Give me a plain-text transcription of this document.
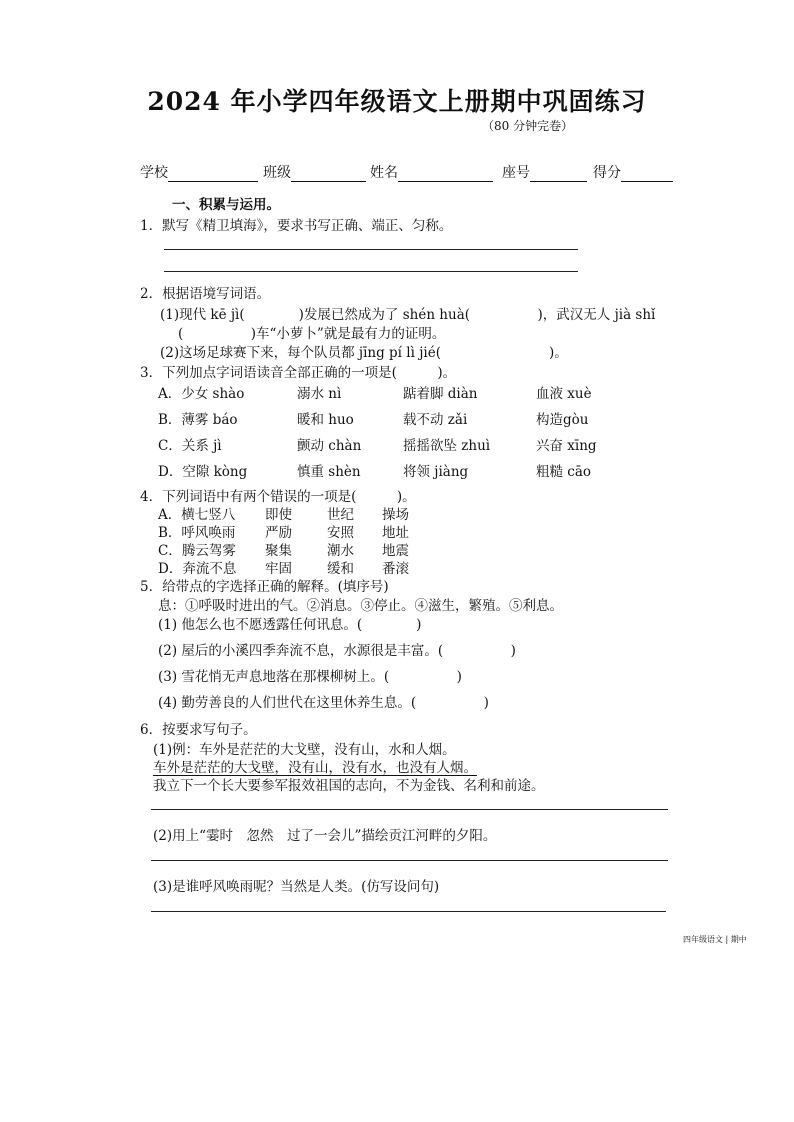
2024 年小学四年级语文上册期中巩固练习
（80 分钟完卷）
学校	班级	姓名	座号	得分
一、积累与运用。
1．默写《精卫填海》，要求书写正确、端正、匀称。
2．根据语境写词语。
(1)现代 kē jì(　　　　)发展已然成为了 shén huà(　　　　　)，武汉无人 jià shǐ
(　　　　　)车“小萝卜”就是最有力的证明。
(2)这场足球赛下来，每个队员都 jīng pí lì jié(　　　　　　　　)。
3．下列加点字词语读音全部正确的一项是(　　　)。
A．少女 shào	溺水 nì	踮着脚 diàn	血液 xuè
B．薄雾 báo	暖和 huo	载不动 zǎi	构造gòu
C．关系 jì	颤动 chàn	摇摇欲坠 zhuì	兴奋 xīng
D．空隙 kòng	慎重 shèn	将领 jiàng	粗糙 cāo
4．下列词语中有两个错误的一项是(　　　)。
A．横七竖八 即使	世纪 操场
B．呼风唤雨 严励	安照 地址
C．腾云驾雾 聚集	潮水 地震
D．奔流不息 牢固	缓和 番滚
5．给带点的字选择正确的解释。(填序号)
息：①呼吸时进出的气。②消息。③停止。④滋生，繁殖。⑤利息。
(1) 他怎么也不愿透露任何讯息。(　　　　)
(2) 屋后的小溪四季奔流不息，水源很是丰富。(　　　　　)
(3) 雪花悄无声息地落在那棵柳树上。(　　　　　)
(4) 勤劳善良的人们世代在这里休养生息。(　　　　　)
6．按要求写句子。
(1)例：车外是茫茫的大戈壁，没有山，水和人烟。
车外是茫茫的大戈壁，没有山，没有水，也没有人烟。
我立下一个长大要参军报效祖国的志向，不为金钱、名利和前途。
(2)用上“霎时　忽然　过了一会儿”描绘贡江河畔的夕阳。
(3)是谁呼风唤雨呢？当然是人类。(仿写设问句)
四年级语文 | 期中
